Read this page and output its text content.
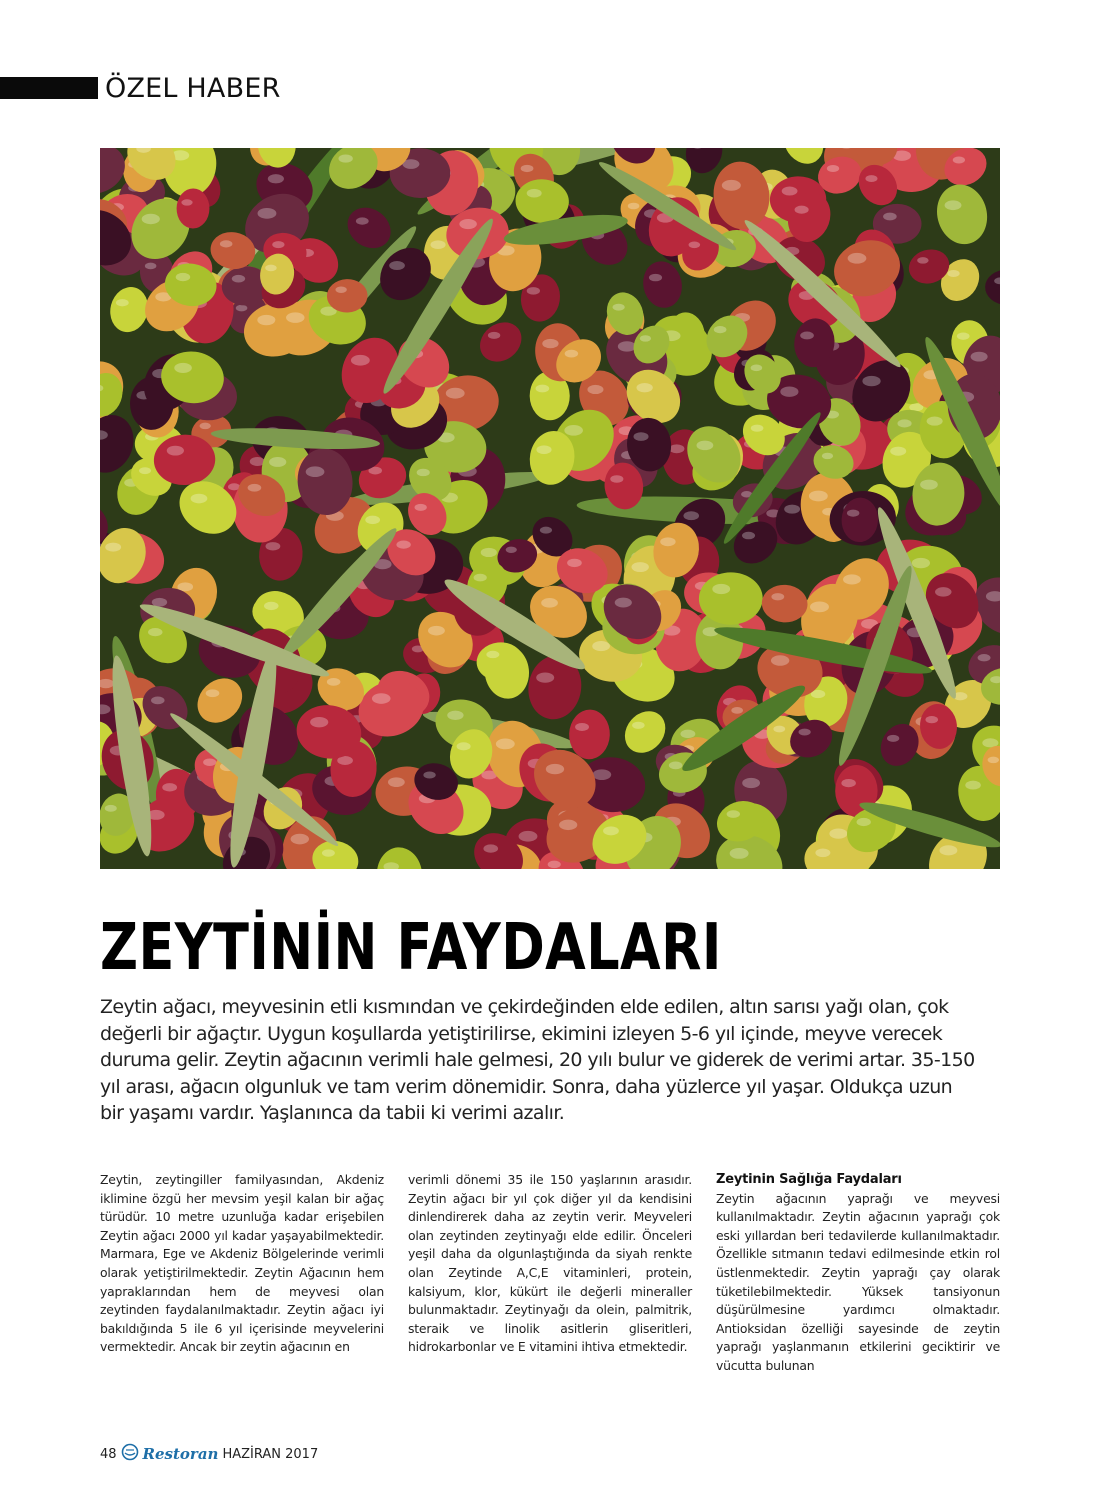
ÖZEL HABER
ZEYTİNİN FAYDALARI

Zeytin ağacı, meyvesinin etli kısmından ve çekirdeğinden elde edilen, altın sarısı yağı olan, çok değerli bir ağaçtır. Uygun koşullarda yetiştirilirse, ekimini izleyen 5-6 yıl içinde, meyve verecek duruma gelir. Zeytin ağacının verimli hale gelmesi, 20 yılı bulur ve giderek de verimi artar. 35-150 yıl arası, ağacın olgunluk ve tam verim dönemidir. Sonra, daha yüzlerce yıl yaşar. Oldukça uzun bir yaşamı vardır. Yaşlanınca da tabii ki verimi azalır.

Zeytin, zeytingiller familyasından, Akdeniz iklimine özgü her mevsim yeşil kalan bir ağaç türüdür. 10 metre uzunluğa kadar erişebilen Zeytin ağacı 2000 yıl kadar yaşayabilmektedir. Marmara, Ege ve Akdeniz Bölgelerinde verimli olarak yetiştirilmektedir. Zeytin Ağacının hem yapraklarından hem de meyvesi olan zeytinden faydalanılmaktadır. Zeytin ağacı iyi bakıldığında 5 ile 6 yıl içerisinde meyvelerini vermektedir. Ancak bir zeytin ağacının en

verimli dönemi 35 ile 150 yaşlarının arasıdır. Zeytin ağacı bir yıl çok diğer yıl da kendisini dinlendirerek daha az zeytin verir. Meyveleri olan zeytinden zeytinyağı elde edilir. Önceleri yeşil daha da olgunlaştığında da siyah renkte olan Zeytinde A,C,E vitaminleri, protein, kalsiyum, klor, kükürt ile değerli mineraller bulunmaktadır. Zeytinyağı da olein, palmitrik, steraik ve linolik asitlerin gliseritleri, hidrokarbonlar ve E vitamini ihtiva etmektedir.

Zeytinin Sağlığa Faydaları

Zeytin ağacının yaprağı ve meyvesi kullanılmaktadır. Zeytin ağacının yaprağı çok eski yıllardan beri tedavilerde kullanılmaktadır. Özellikle sıtmanın tedavi edilmesinde etkin rol üstlenmektedir. Zeytin yaprağı çay olarak tüketilebilmektedir. Yüksek tansiyonun düşürülmesine yardımcı olmaktadır. Antioksidan özelliği sayesinde de zeytin yaprağı yaşlanmanın etkilerini geciktirir ve vücutta bulunan

48 Restoran HAZİRAN 2017
